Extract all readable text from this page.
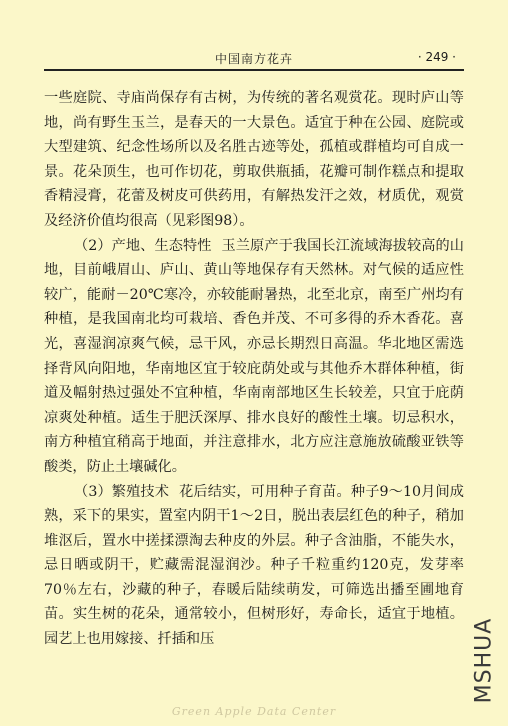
中国南方花卉	· 249 ·

一些庭院、寺庙尚保存有古树，为传统的著名观赏花。现时庐山等地，尚有野生玉兰，是春天的一大景色。适宜于种在公园、庭院或大型建筑、纪念性场所以及名胜古迹等处，孤植或群植均可自成一景。花朵顶生，也可作切花，剪取供瓶插，花瓣可制作糕点和提取香精浸膏，花蕾及树皮可供药用，有解热发汗之效，材质优，观赏及经济价值均很高（见彩图98）。

（2）产地、生态特性 玉兰原产于我国长江流域海拔较高的山地，目前峨眉山、庐山、黄山等地保存有天然林。对气候的适应性较广，能耐－20℃寒冷，亦较能耐暑热，北至北京，南至广州均有种植，是我国南北均可栽培、香色并茂、不可多得的乔木香花。喜光，喜湿润凉爽气候，忌干风，亦忌长期烈日高温。华北地区需选择背风向阳地，华南地区宜于较庇荫处或与其他乔木群体种植，街道及幅射热过强处不宜种植，华南南部地区生长较差，只宜于庇荫凉爽处种植。适生于肥沃深厚、排水良好的酸性土壤。切忌积水，南方种植宜稍高于地面，并注意排水，北方应注意施放硫酸亚铁等酸类，防止土壤碱化。

（3）繁殖技术 花后结实，可用种子育苗。种子9～10月间成熟，采下的果实，置室内阴干1～2日，脱出表层红色的种子，稍加堆沤后，置水中搓揉漂淘去种皮的外层。种子含油脂，不能失水，忌日晒或阴干，贮藏需混湿润沙。种子千粒重约120克，发芽率70％左右，沙藏的种子，春暖后陆续萌发，可筛选出播至圃地育苗。实生树的花朵，通常较小，但树形好，寿命长，适宜于地植。园艺上也用嫁接、扦插和压	MSHUA
Green Apple Data Center
